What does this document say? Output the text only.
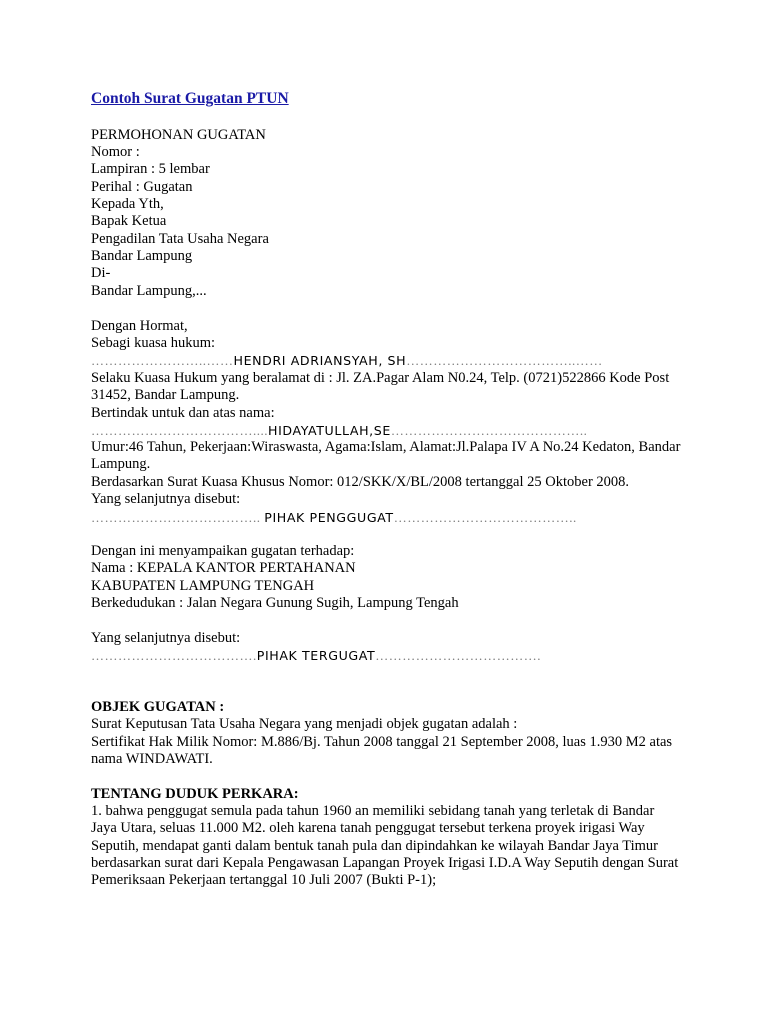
Contoh Surat Gugatan PTUN
PERMOHONAN GUGATAN
Nomor :
Lampiran : 5 lembar
Perihal : Gugatan
Kepada Yth,
Bapak Ketua
Pengadilan Tata Usaha Negara
Bandar Lampung
Di-
Bandar Lampung,...
Dengan Hormat,
Sebagi kuasa hukum:
……………………..……HENDRI ADRIANSYAH, SH………………………………..……
Selaku Kuasa Hukum yang beralamat di : Jl. ZA.Pagar Alam N0.24, Telp. (0721)522866 Kode Post 31452, Bandar Lampung.
Bertindak untuk dan atas nama:
………………………………....HIDAYATULLAH,SE……………………………………..
Umur:46 Tahun, Pekerjaan:Wiraswasta, Agama:Islam, Alamat:Jl.Palapa IV A No.24 Kedaton, Bandar Lampung.
Berdasarkan Surat Kuasa Khusus Nomor: 012/SKK/X/BL/2008 tertanggal 25 Oktober 2008.
Yang selanjutnya disebut:
……………………………….. PIHAK PENGGUGAT…………………………………..
Dengan ini menyampaikan gugatan terhadap:
Nama : KEPALA KANTOR PERTAHANAN
KABUPATEN LAMPUNG TENGAH
Berkedudukan : Jalan Negara Gunung Sugih, Lampung Tengah
Yang selanjutnya disebut:
……………………………….PIHAK TERGUGAT……………………………….
OBJEK GUGATAN :
Surat Keputusan Tata Usaha Negara yang menjadi objek gugatan adalah :
Sertifikat Hak Milik Nomor: M.886/Bj. Tahun 2008 tanggal 21 September 2008, luas 1.930 M2 atas nama WINDAWATI.
TENTANG DUDUK PERKARA:
1. bahwa penggugat semula pada tahun 1960 an memiliki sebidang tanah yang terletak di Bandar Jaya Utara, seluas 11.000 M2. oleh karena tanah penggugat tersebut terkena proyek irigasi Way Seputih, mendapat ganti dalam bentuk tanah pula dan dipindahkan ke wilayah Bandar Jaya Timur berdasarkan surat dari Kepala Pengawasan Lapangan Proyek Irigasi I.D.A Way Seputih dengan Surat Pemeriksaan Pekerjaan tertanggal 10 Juli 2007 (Bukti P-1);
